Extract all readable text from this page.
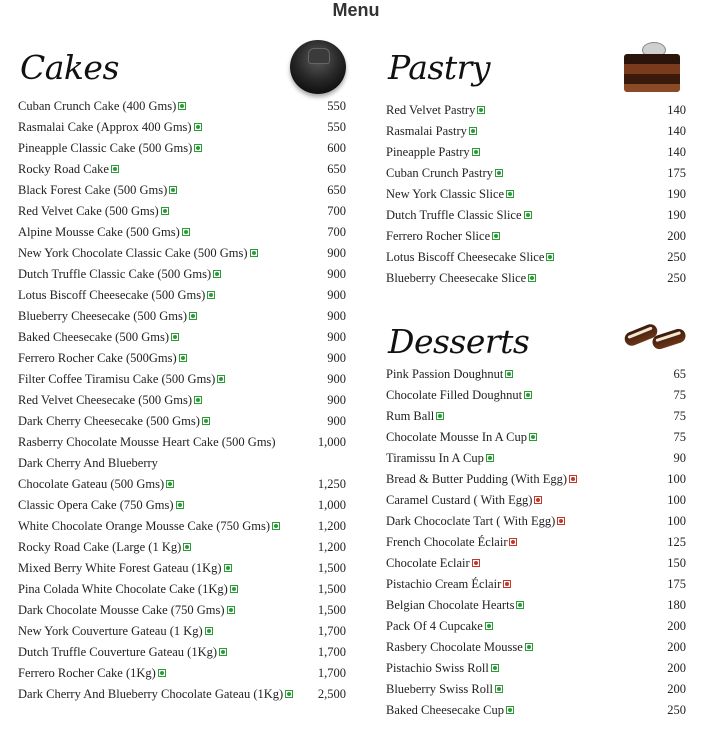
Menu
Cakes
Cuban Crunch Cake (400 Gms)	550
Rasmalai Cake (Approx 400 Gms)	550
Pineapple Classic Cake (500 Gms)	600
Rocky Road Cake	650
Black Forest Cake (500 Gms)	650
Red Velvet Cake (500 Gms)	700
Alpine Mousse Cake (500 Gms)	700
New York Chocolate Classic Cake (500 Gms)	900
Dutch Truffle Classic Cake (500 Gms)	900
Lotus Biscoff Cheesecake (500 Gms)	900
Blueberry Cheesecake (500 Gms)	900
Baked Cheesecake (500 Gms)	900
Ferrero Rocher Cake (500Gms)	900
Filter Coffee Tiramisu Cake (500 Gms)	900
Red Velvet Cheesecake (500 Gms)	900
Dark Cherry Cheesecake (500 Gms)	900
Rasberry Chocolate Mousse Heart Cake (500 Gms)	1,000
Dark Cherry And Blueberry
Chocolate Gateau (500 Gms)	1,250
Classic Opera Cake (750 Gms)	1,000
White Chocolate Orange Mousse Cake (750 Gms)	1,200
Rocky Road Cake (Large (1 Kg)	1,200
Mixed Berry White Forest Gateau (1Kg)	1,500
Pina Colada White Chocolate Cake (1Kg)	1,500
Dark Chocolate Mousse Cake (750 Gms)	1,500
New York Couverture Gateau (1 Kg)	1,700
Dutch Truffle Couverture Gateau (1Kg)	1,700
Ferrero Rocher Cake (1Kg)	1,700
Dark Cherry And Blueberry Chocolate Gateau (1Kg)	2,500
Pastry
Red Velvet Pastry	140
Rasmalai Pastry	140
Pineapple Pastry	140
Cuban Crunch Pastry	175
New York Classic Slice	190
Dutch Truffle Classic Slice	190
Ferrero Rocher Slice	200
Lotus Biscoff Cheesecake Slice	250
Blueberry Cheesecake Slice	250
Desserts
Pink Passion Doughnut	65
Chocolate Filled Doughnut	75
Rum Ball	75
Chocolate Mousse In A Cup	75
Tiramissu In A Cup	90
Bread & Butter Pudding (With Egg)	100
Caramel Custard ( With Egg)	100
Dark Chococlate Tart ( With Egg)	100
French Chocolate Éclair	125
Chocolate Eclair	150
Pistachio Cream Éclair	175
Belgian Chocolate Hearts	180
Pack Of 4 Cupcake	200
Rasbery Chocolate Mousse	200
Pistachio Swiss Roll	200
Blueberry Swiss Roll	200
Baked Cheesecake Cup	250
